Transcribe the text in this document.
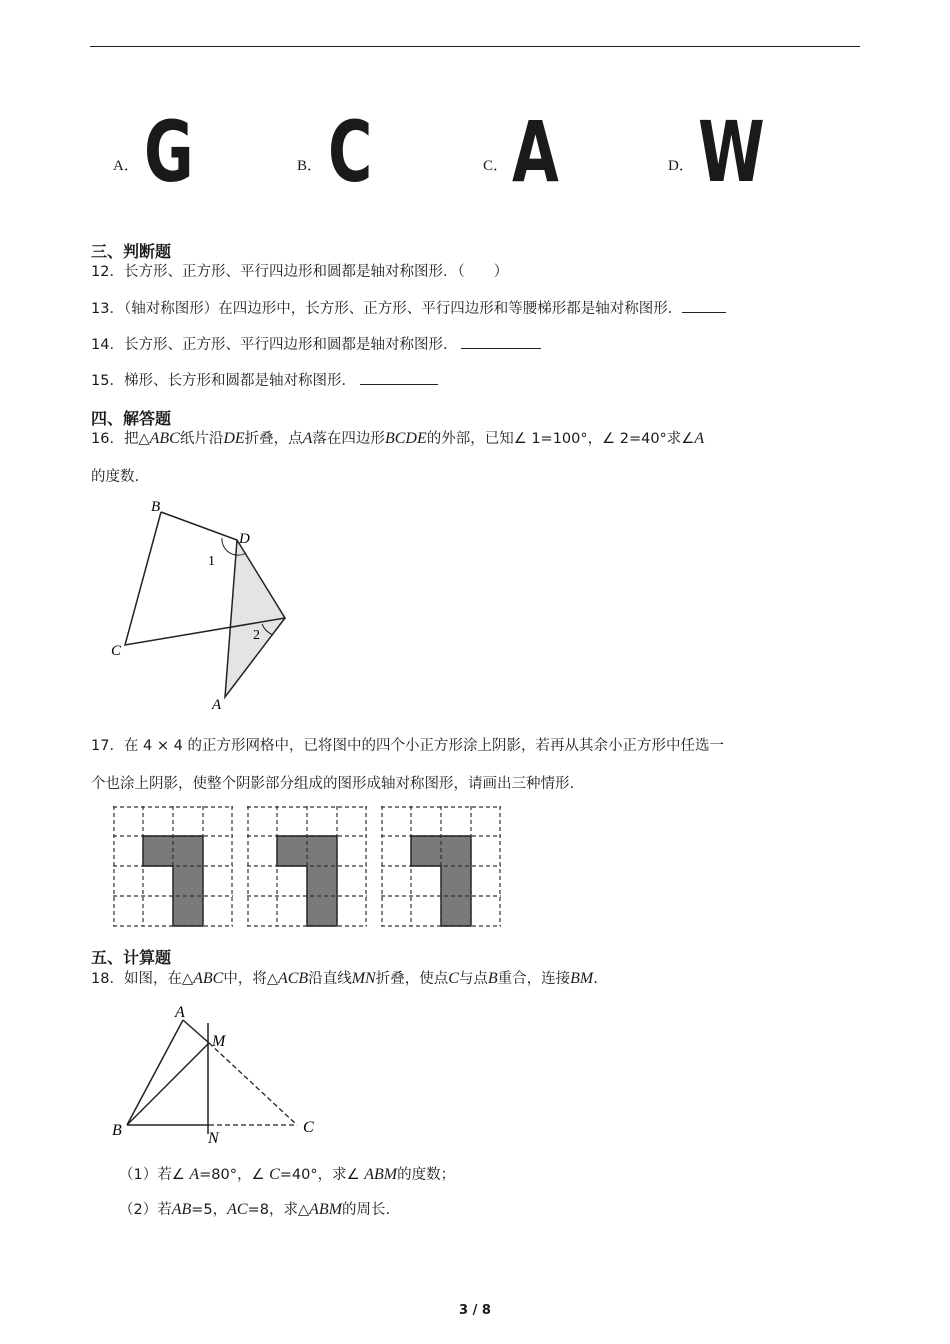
A． G	B． C	C． A	D． W
三、判断题
12．长方形、正方形、平行四边形和圆都是轴对称图形．（　　）
13．（轴对称图形）在四边形中，长方形、正方形、平行四边形和等腰梯形都是轴对称图形．
14．长方形、正方形、平行四边形和圆都是轴对称图形．
15．梯形、长方形和圆都是轴对称图形．
四、解答题
16．把△ABC纸片沿DE折叠，点A落在四边形BCDE的外部，已知∠ 1=100°，∠ 2=40°求∠A
的度数.
B
D
C
A
1
2
17．在 4 × 4 的正方形网格中，已将图中的四个小正方形涂上阴影，若再从其余小正方形中任选一
个也涂上阴影，使整个阴影部分组成的图形成轴对称图形，请画出三种情形.
五、计算题
18．如图，在△ABC中，将△ACB沿直线MN折叠，使点C与点B重合，连接BM.
A
M
B	N
C
（1）若∠ A=80°，∠ C=40°，求∠ ABM的度数；
（2）若AB=5，AC=8，求△ABM的周长.
3 / 8
